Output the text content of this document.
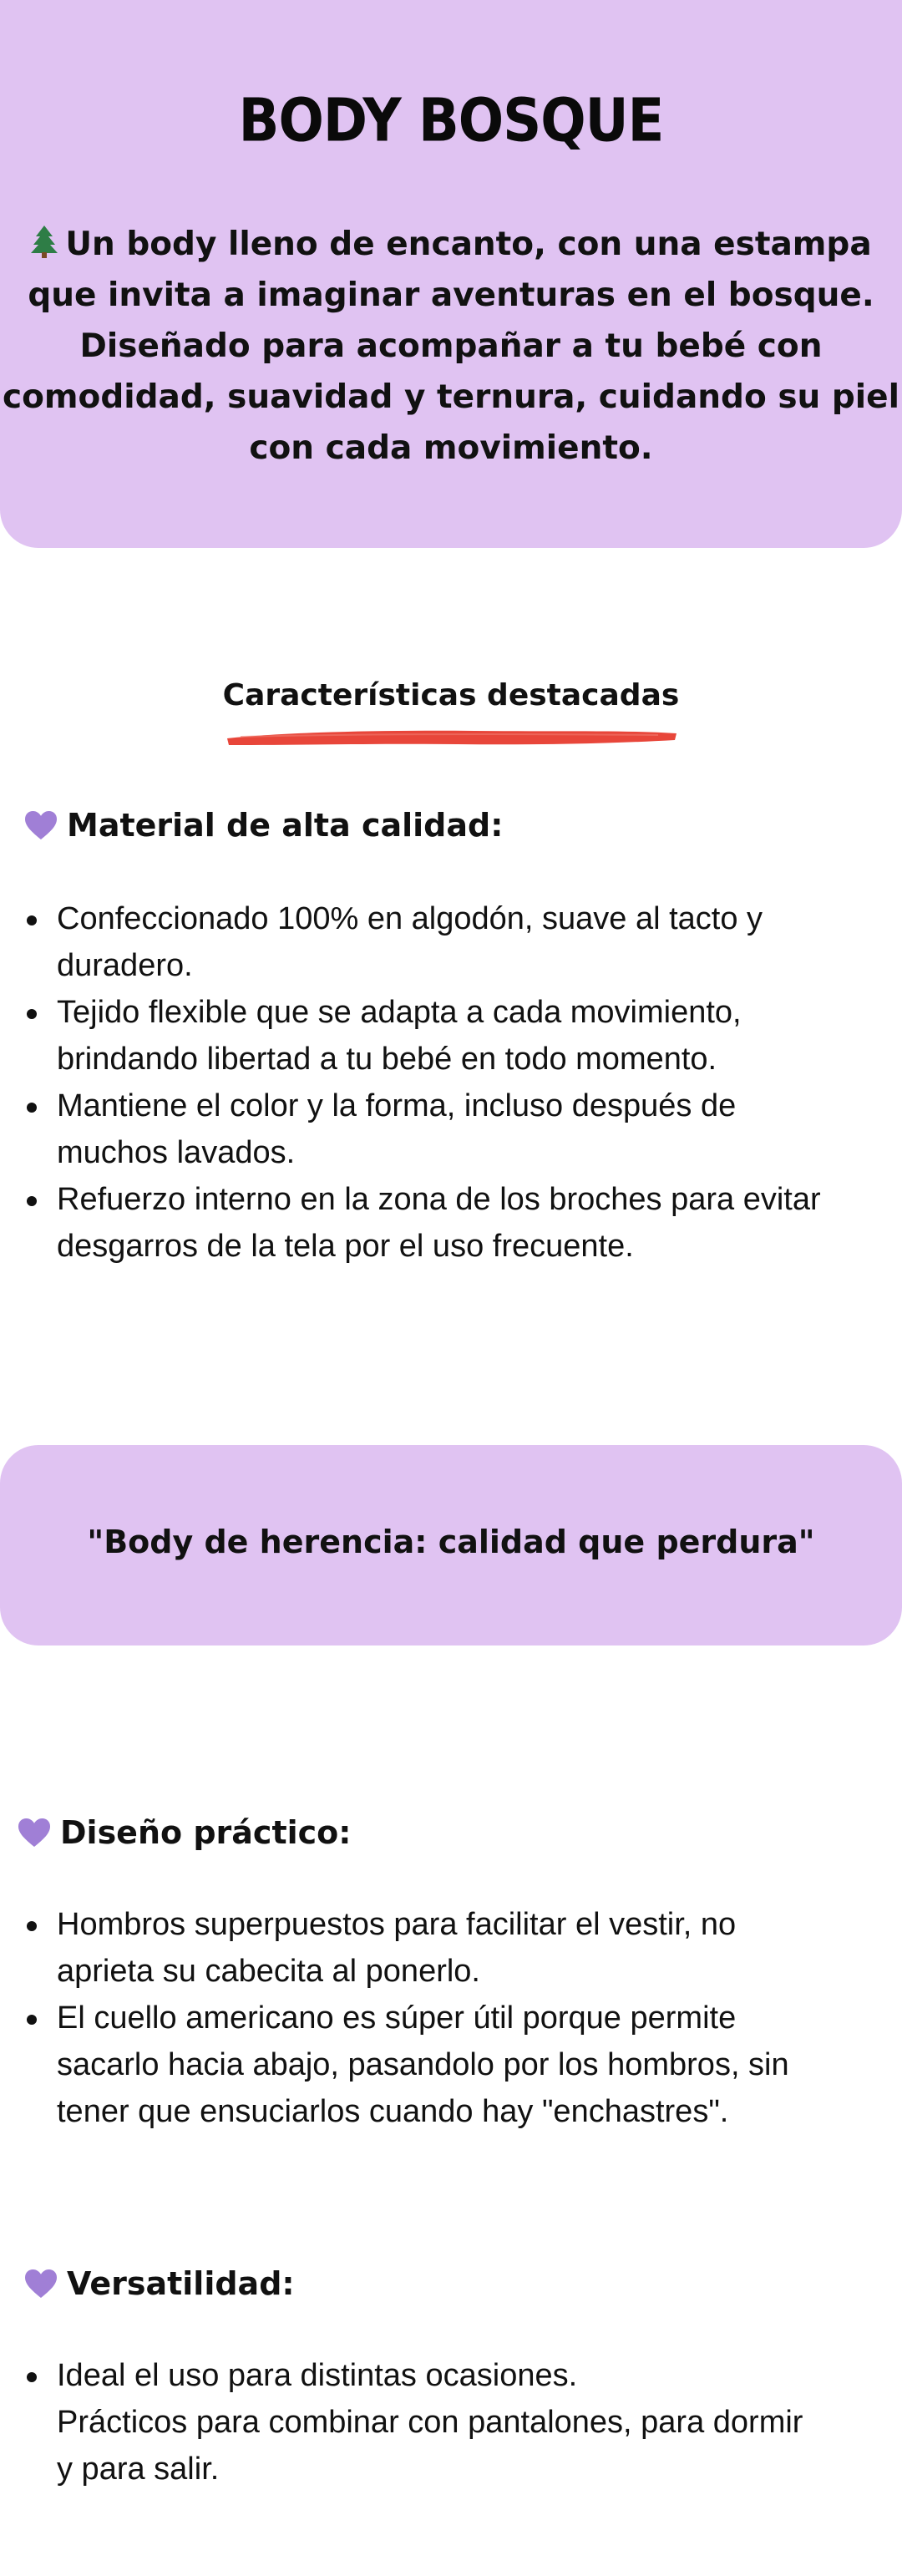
BODY BOSQUE
Un body lleno de encanto, con una estampa
que invita a imaginar aventuras en el bosque.
Diseñado para acompañar a tu bebé con
comodidad, suavidad y ternura, cuidando su piel
con cada movimiento.
Características destacadas
Material de alta calidad:
Confeccionado 100% en algodón, suave al tacto y
duradero.
Tejido flexible que se adapta a cada movimiento,
brindando libertad a tu bebé en todo momento.
Mantiene el color y la forma, incluso después de
muchos lavados.
Refuerzo interno en la zona de los broches para evitar
desgarros de la tela por el uso frecuente.
"Body de herencia: calidad que perdura"
Diseño práctico:
Hombros superpuestos para facilitar el vestir, no
aprieta su cabecita al ponerlo.
El cuello americano es súper útil porque permite
sacarlo hacia abajo, pasandolo por los hombros, sin
tener que ensuciarlos cuando hay "enchastres".
Versatilidad:
Ideal el uso para distintas ocasiones.
Prácticos para combinar con pantalones, para dormir
y para salir.
